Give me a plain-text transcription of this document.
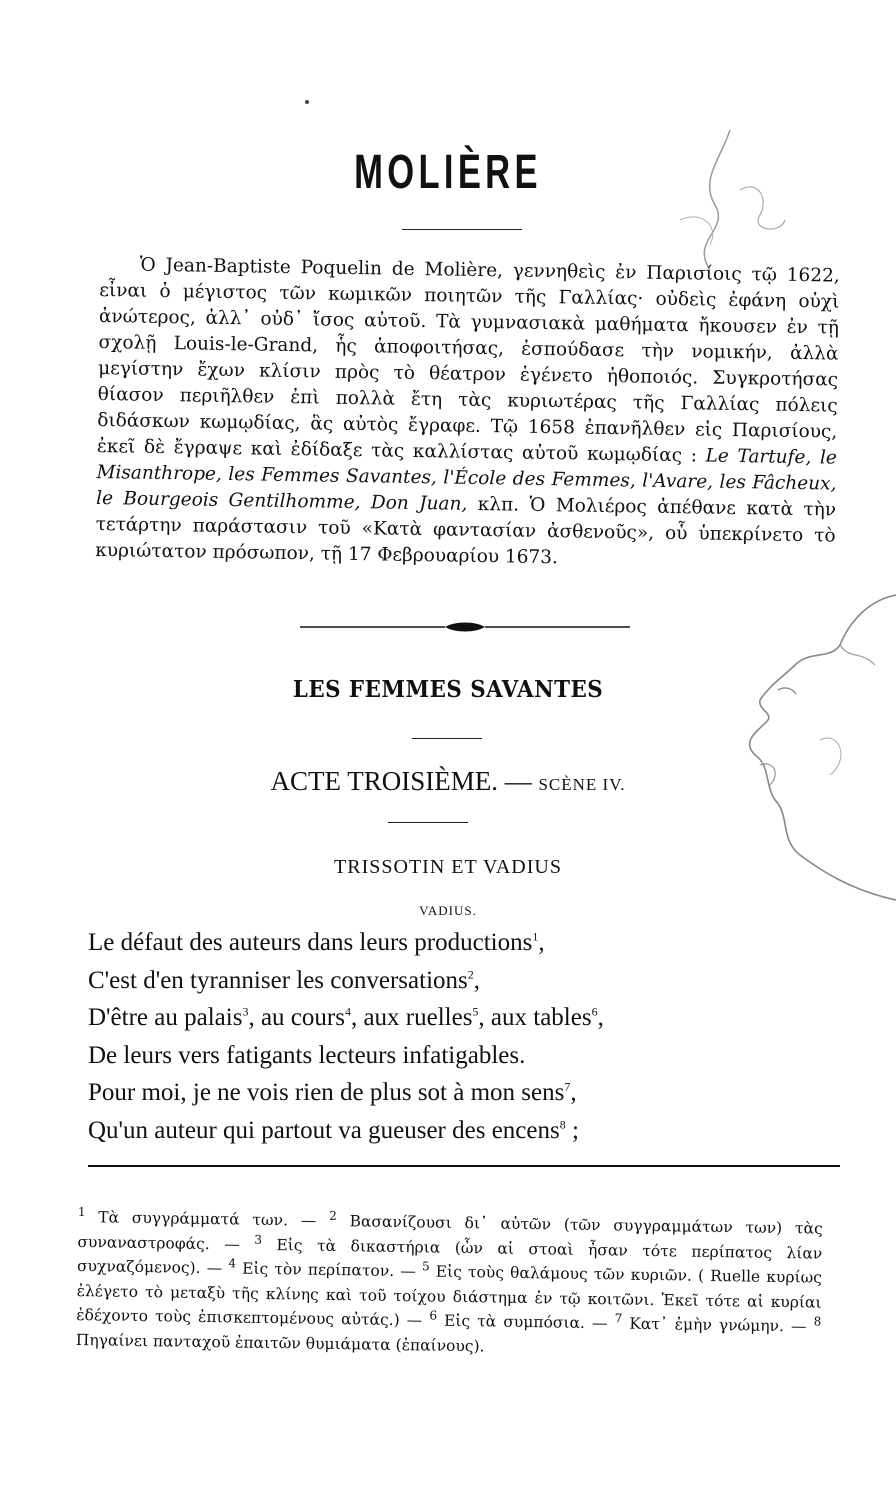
MOLIÈRE
Ὁ Jean-Baptiste Poquelin de Molière, γεννηθεὶς ἐν Παρισίοις τῷ 1622, εἶναι ὁ μέγιστος τῶν κωμικῶν ποιητῶν τῆς Γαλλίας· οὐδεὶς ἐφάνη οὐχὶ ἀνώτερος, ἀλλ᾽ οὐδ᾽ ἴσος αὐτοῦ. Τὰ γυμνασιακὰ μαθήματα ἤκουσεν ἐν τῇ σχολῇ Louis-le-Grand, ἧς ἀποφοιτήσας, ἐσπούδασε τὴν νομικήν, ἀλλὰ μεγίστην ἔχων κλίσιν πρὸς τὸ θέατρον ἐγένετο ἠθοποιός. Συγκροτήσας θίασον περιῆλθεν ἐπὶ πολλὰ ἔτη τὰς κυριωτέρας τῆς Γαλλίας πόλεις διδάσκων κωμῳδίας, ἃς αὐτὸς ἔγραφε. Τῷ 1658 ἐπανῆλθεν εἰς Παρισίους, ἐκεῖ δὲ ἔγραψε καὶ ἐδίδαξε τὰς καλλίστας αὐτοῦ κωμῳδίας : Le Tartufe, le Misanthrope, les Femmes Savantes, l'École des Femmes, l'Avare, les Fâcheux, le Bourgeois Gentilhomme, Don Juan, κλπ. Ὁ Μολιέρος ἀπέθανε κατὰ τὴν τετάρτην παράστασιν τοῦ «Κατὰ φαντασίαν ἀσθενοῦς», οὗ ὑπεκρίνετο τὸ κυριώτατον πρόσωπον, τῇ 17 Φεβρουαρίου 1673.
LES FEMMES SAVANTES
ACTE TROISIÈME. — SCÈNE IV.
TRISSOTIN ET VADIUS
VADIUS.
Le défaut des auteurs dans leurs productions$^1$,
C'est d'en tyranniser les conversations$^2$,
D'être au palais$^3$, au cours$^4$, aux ruelles$^5$, aux tables$^6$,
De leurs vers fatigants lecteurs infatigables.
Pour moi, je ne vois rien de plus sot à mon sens$^7$,
Qu'un auteur qui partout va gueuser des encens$^8$ ;
$^1$ Τὰ συγγράμματά των. — $^2$ Βασανίζουσι δι᾽ αὐτῶν (τῶν συγγραμμάτων των) τὰς συναναστροφάς. — $^3$ Εἰς τὰ δικαστήρια (ὧν αἱ στοαὶ ἦσαν τότε περίπατος λίαν συχναζόμενος). — $^4$ Εἰς τὸν περίπατον. — $^5$ Εἰς τοὺς θαλάμους τῶν κυριῶν. ( Ruelle κυρίως ἐλέγετο τὸ μεταξὺ τῆς κλίνης καὶ τοῦ τοίχου διάστημα ἐν τῷ κοιτῶνι. Ἐκεῖ τότε αἱ κυρίαι ἐδέχοντο τοὺς ἐπισκεπτομένους αὐτάς.) — $^6$ Εἰς τὰ συμπόσια. — $^7$ Κατ᾽ ἐμὴν γνώμην. — $^8$ Πηγαίνει πανταχοῦ ἐπαιτῶν θυμιάματα (ἐπαίνους).
